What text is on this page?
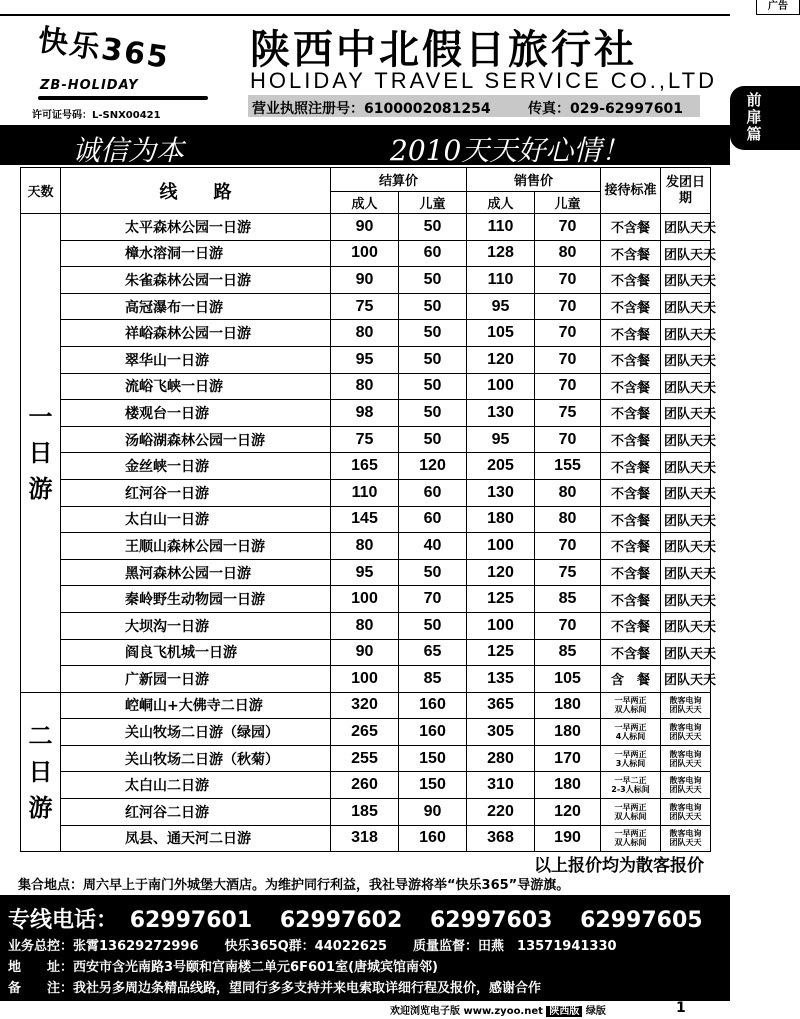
广告
快乐365
ZB-HOLIDAY
许可证号码：L-SNX00421
陕西中北假日旅行社
HOLIDAY TRAVEL SERVICE CO.,LTD
营业执照注册号：6100002081254	传真：029-62997601	前扉篇
诚信为本	2010天天好心情！
天数	线　　路	结算价		销售价		接待标准	发团日期
		成人	儿童	成人	儿童		

一
日
游	太平森林公园一日游	90	50	110	70	不含餐	团队天天
	樟水溶洞一日游	100	60	128	80	不含餐	团队天天
	朱雀森林公园一日游	90	50	110	70	不含餐	团队天天
	高冠瀑布一日游	75	50	95	70	不含餐	团队天天
	祥峪森林公园一日游	80	50	105	70	不含餐	团队天天
	翠华山一日游	95	50	120	70	不含餐	团队天天
	流峪飞峡一日游	80	50	100	70	不含餐	团队天天
	楼观台一日游	98	50	130	75	不含餐	团队天天
	汤峪湖森林公园一日游	75	50	95	70	不含餐	团队天天
	金丝峡一日游	165	120	205	155	不含餐	团队天天
	红河谷一日游	110	60	130	80	不含餐	团队天天
	太白山一日游	145	60	180	80	不含餐	团队天天
	王顺山森林公园一日游	80	40	100	70	不含餐	团队天天
	黑河森林公园一日游	95	50	120	75	不含餐	团队天天
	秦岭野生动物园一日游	100	70	125	85	不含餐	团队天天
	大坝沟一日游	80	50	100	70	不含餐	团队天天
	阎良飞机城一日游	90	65	125	85	不含餐	团队天天
	广新园一日游	100	85	135	105	含　餐	团队天天

二
日
游	崆峒山+大佛寺二日游	320	160	365	180	一早两正
双人标间	散客电询
团队天天

	关山牧场二日游（绿园）	265	160	305	180	一早两正
4人标间	散客电询
团队天天

	关山牧场二日游（秋菊）	255	150	280	170	一早两正
3人标间	散客电询
团队天天

	太白山二日游	260	150	310	180	一早二正
2-3人标间	散客电询
团队天天

	红河谷二日游	185	90	220	120	一早两正
双人标间	散客电询
团队天天

	凤县、通天河二日游	318	160	368	190	一早两正
双人标间	散客电询
团队天天
以上报价均为散客报价
集合地点：周六早上于南门外城堡大酒店。为维护同行利益，我社导游将举“快乐365”导游旗。
专线电话： 62997601 62997602 62997603 62997605
业务总控：张霄13629272996　　快乐365Q群：44022625　　质量监督：田燕　13571941330
地　　址：西安市含光南路3号颐和宫南楼二单元6F601室(唐城宾馆南邻)
备　　注：我社另多周边条精品线路，望同行多多支持并来电索取详细行程及报价，感谢合作
欢迎浏览电子版 www.zyoo.net 陕西版 绿版	1
